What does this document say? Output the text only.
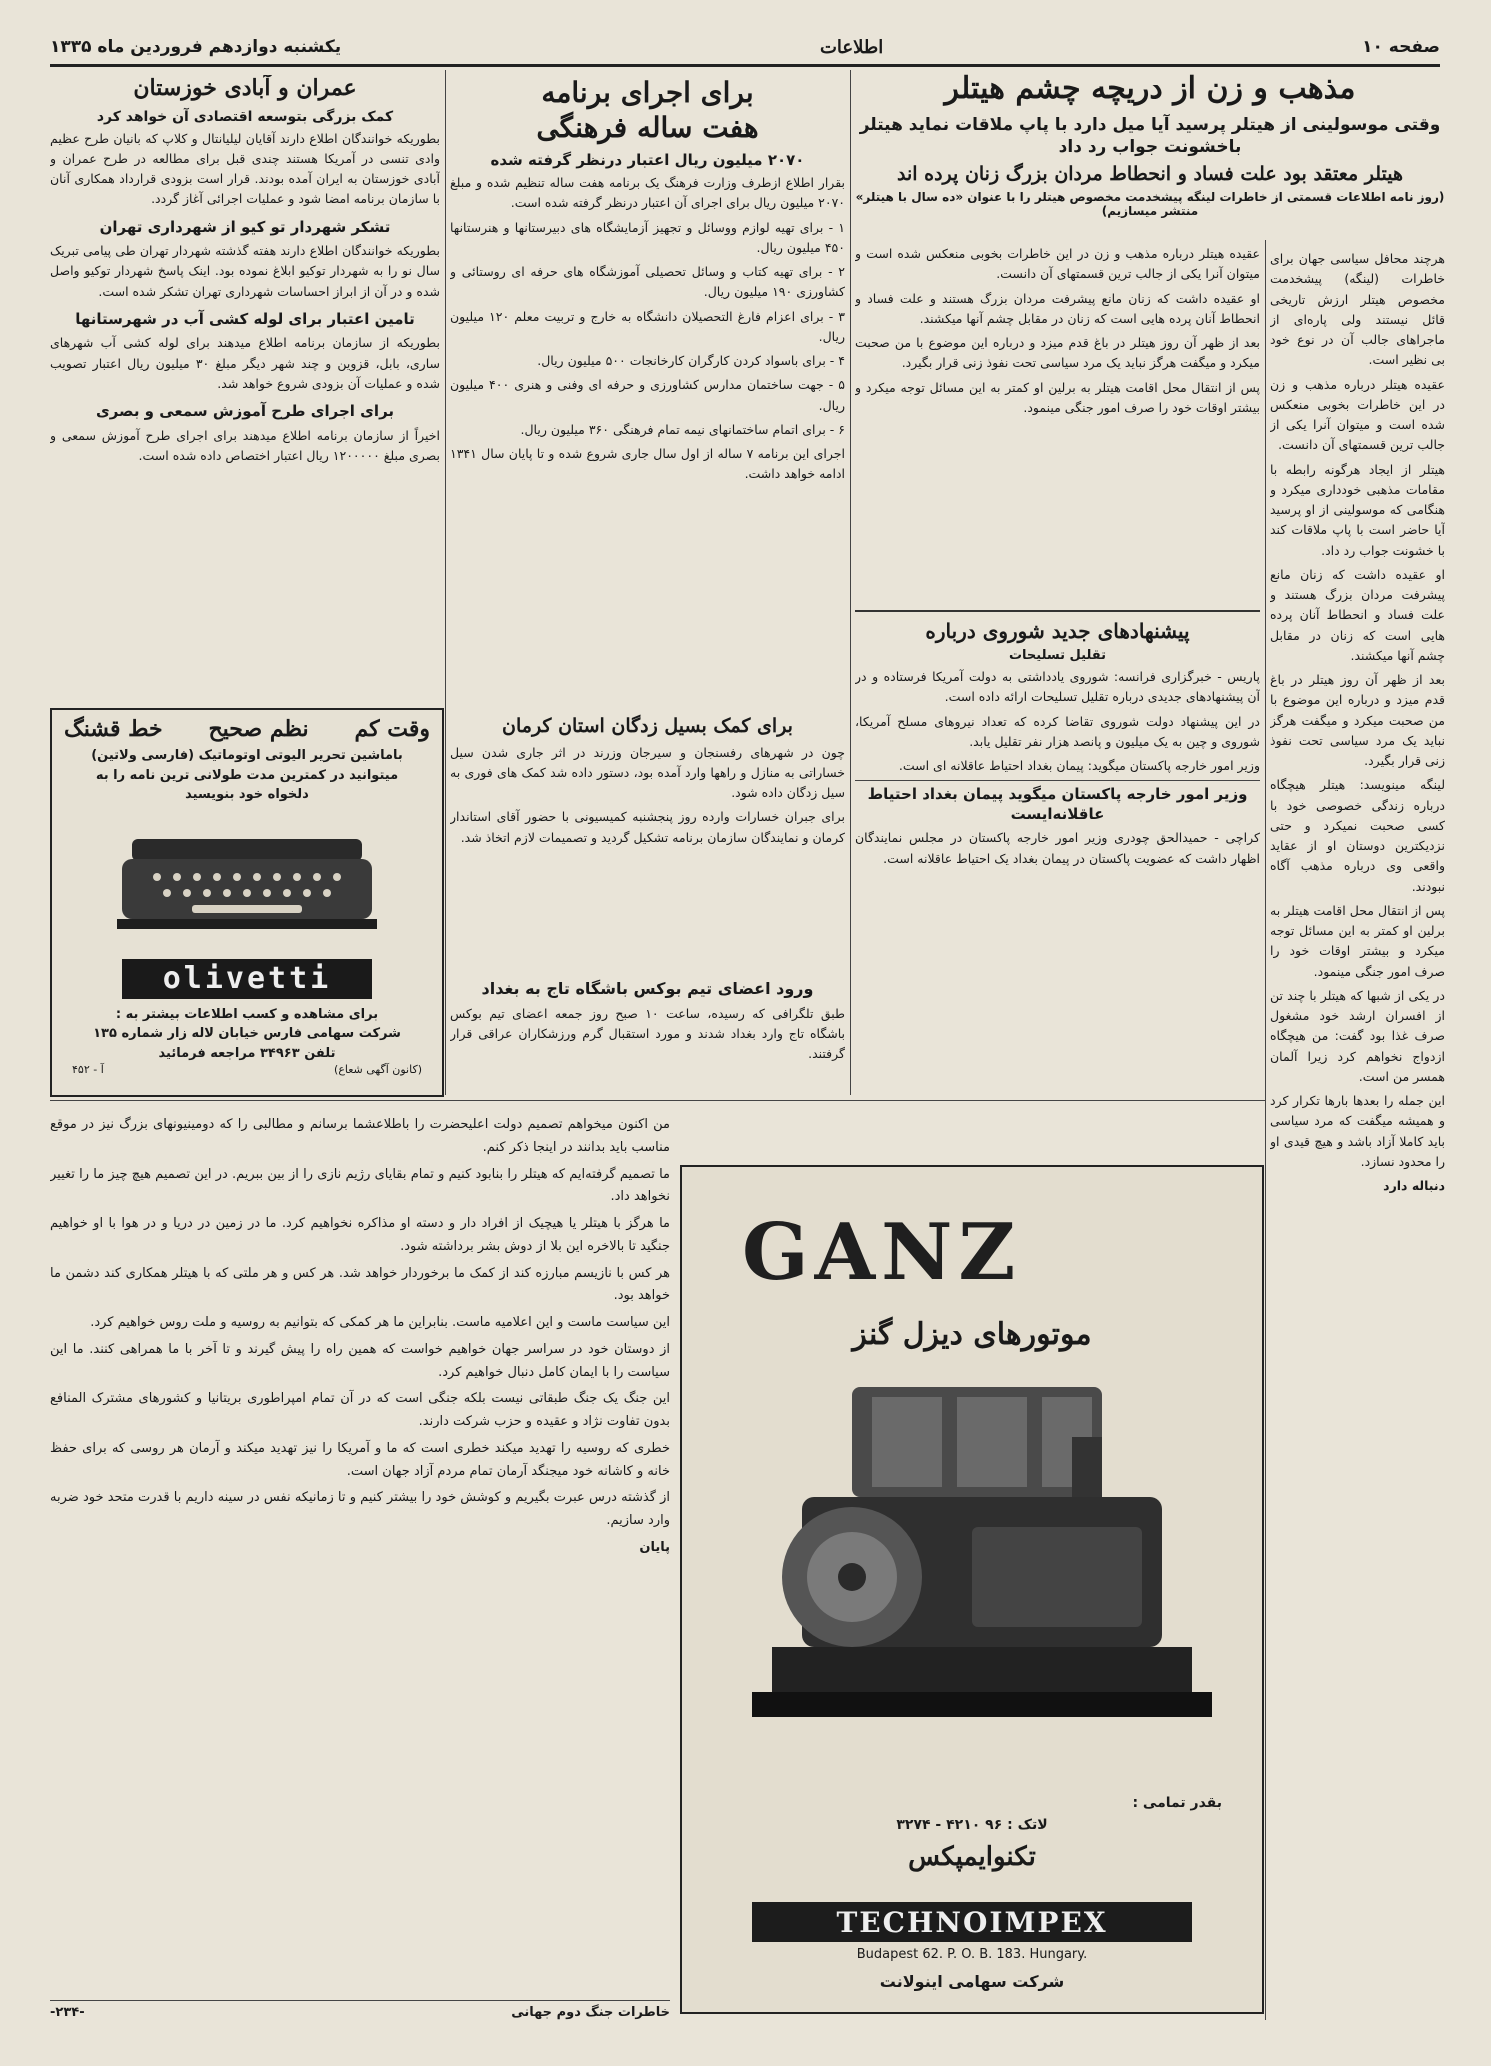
صفحه ۱۰
اطلاعات
یکشنبه دوازدهم فروردین ماه ۱۳۳۵
مذهب و زن از دریچه چشم هیتلر
وقتی موسولینی از هیتلر پرسید آیا میل دارد با پاپ ملاقات نماید هیتلر باخشونت جواب رد داد
هیتلر معتقد بود علت فساد و انحطاط مردان بزرگ زنان پرده اند
(روز نامه اطلاعات قسمتی از خاطرات لینگه پیشخدمت مخصوص هیتلر را با عنوان «ده سال با هیتلر» منتشر میسازیم)

هرچند محافل سیاسی جهان برای خاطرات (لینگه) پیشخدمت مخصوص هیتلر ارزش تاریخی قائل نیستند ولی پاره‌ای از ماجراهای جالب آن در نوع خود بی نظیر است.

عقیده هیتلر درباره مذهب و زن در این خاطرات بخوبی منعکس شده است و میتوان آنرا یکی از جالب ترین قسمتهای آن دانست.

هیتلر از ایجاد هرگونه رابطه با مقامات مذهبی خودداری میکرد و هنگامی که موسولینی از او پرسید آیا حاضر است با پاپ ملاقات کند با خشونت جواب رد داد.

او عقیده داشت که زنان مانع پیشرفت مردان بزرگ هستند و علت فساد و انحطاط آنان پرده هایی است که زنان در مقابل چشم آنها میکشند.

بعد از ظهر آن روز هیتلر در باغ قدم میزد و درباره این موضوع با من صحبت میکرد و میگفت هرگز نباید یک مرد سیاسی تحت نفوذ زنی قرار بگیرد.

لینگه مینویسد: هیتلر هیچگاه درباره زندگی خصوصی خود با کسی صحبت نمیکرد و حتی نزدیکترین دوستان او از عقاید واقعی وی درباره مذهب آگاه نبودند.

پس از انتقال محل اقامت هیتلر به برلین او کمتر به این مسائل توجه میکرد و بیشتر اوقات خود را صرف امور جنگی مینمود.

در یکی از شبها که هیتلر با چند تن از افسران ارشد خود مشغول صرف غذا بود گفت: من هیچگاه ازدواج نخواهم کرد زیرا آلمان همسر من است.

این جمله را بعدها بارها تکرار کرد و همیشه میگفت که مرد سیاسی باید کاملا آزاد باشد و هیچ قیدی او را محدود نسازد.

دنباله دارد

پیشنهادهای جدید شوروی درباره
تقلیل تسلیحات

پاریس - خبرگزاری فرانسه: شوروی یادداشتی به دولت آمریکا فرستاده و در آن پیشنهادهای جدیدی درباره تقلیل تسلیحات ارائه داده است.

در این پیشنهاد دولت شوروی تقاضا کرده که تعداد نیروهای مسلح آمریکا، شوروی و چین به یک میلیون و پانصد هزار نفر تقلیل یابد.

وزیر امور خارجه پاکستان میگوید: پیمان بغداد احتیاط عاقلانه ای است.

وزیر امور خارجه پاکستان میگوید پیمان بغداد احتیاط عاقلانه‌ایست
کراچی - حمیدالحق چودری وزیر امور خارجه پاکستان در مجلس نمایندگان اظهار داشت که عضویت پاکستان در پیمان بغداد یک احتیاط عاقلانه است.

عقیده هیتلر درباره مذهب و زن در این خاطرات بخوبی منعکس شده است و میتوان آنرا یکی از جالب ترین قسمتهای آن دانست.

او عقیده داشت که زنان مانع پیشرفت مردان بزرگ هستند و علت فساد و انحطاط آنان پرده هایی است که زنان در مقابل چشم آنها میکشند.

بعد از ظهر آن روز هیتلر در باغ قدم میزد و درباره این موضوع با من صحبت میکرد و میگفت هرگز نباید یک مرد سیاسی تحت نفوذ زنی قرار بگیرد.

پس از انتقال محل اقامت هیتلر به برلین او کمتر به این مسائل توجه میکرد و بیشتر اوقات خود را صرف امور جنگی مینمود.

برای اجرای برنامه
هفت ساله فرهنگی
۲۰۷۰ میلیون ریال اعتبار درنظر گرفته شده

بقرار اطلاع ازطرف وزارت فرهنگ یک برنامه هفت ساله تنظیم شده و مبلغ ۲۰۷۰ میلیون ریال برای اجرای آن اعتبار درنظر گرفته شده است.

۱ - برای تهیه لوازم ووسائل و تجهیز آزمایشگاه های دبیرستانها و هنرستانها ۴۵۰ میلیون ریال.

۲ - برای تهیه کتاب و وسائل تحصیلی آموزشگاه های حرفه ای روستائی و کشاورزی ۱۹۰ میلیون ریال.

۳ - برای اعزام فارغ التحصیلان دانشگاه به خارج و تربیت معلم ۱۲۰ میلیون ریال.

۴ - برای باسواد کردن کارگران کارخانجات ۵۰۰ میلیون ریال.

۵ - جهت ساختمان مدارس کشاورزی و حرفه ای وفنی و هنری ۴۰۰ میلیون ریال.

۶ - برای اتمام ساختمانهای نیمه تمام فرهنگی ۳۶۰ میلیون ریال.

اجرای این برنامه ۷ ساله از اول سال جاری شروع شده و تا پایان سال ۱۳۴۱ ادامه خواهد داشت.

برای کمک بسیل زدگان استان کرمان

چون در شهرهای رفسنجان و سیرجان وزرند در اثر جاری شدن سیل خساراتی به منازل و راهها وارد آمده بود، دستور داده شد کمک های فوری به سیل زدگان داده شود.

برای جبران خسارات وارده روز پنجشنبه کمیسیونی با حضور آقای استاندار کرمان و نمایندگان سازمان برنامه تشکیل گردید و تصمیمات لازم اتخاذ شد.

ورود اعضای تیم بوکس باشگاه تاج به بغداد
طبق تلگرافی که رسیده، ساعت ۱۰ صبح روز جمعه اعضای تیم بوکس باشگاه تاج وارد بغداد شدند و مورد استقبال گرم ورزشکاران عراقی قرار گرفتند.
عمران و آبادی خوزستان
کمک بزرگی بتوسعه اقتصادی آن خواهد کرد
بطوریکه خوانندگان اطلاع دارند آقایان لیلیانتال و کلاپ که بانیان طرح عظیم وادی تنسی در آمریکا هستند چندی قبل برای مطالعه در طرح عمران و آبادی خوزستان به ایران آمده بودند. قرار است بزودی قرارداد همکاری آنان با سازمان برنامه امضا شود و عملیات اجرائی آغاز گردد.
تشکر شهردار تو کیو از شهرداری تهران
بطوریکه خوانندگان اطلاع دارند هفته گذشته شهردار تهران طی پیامی تبریک سال نو را به شهردار توکیو ابلاغ نموده بود. اینک پاسخ شهردار توکیو واصل شده و در آن از ابراز احساسات شهرداری تهران تشکر شده است.
تامین اعتبار برای لوله کشی آب در شهرستانها
بطوریکه از سازمان برنامه اطلاع میدهند برای لوله کشی آب شهرهای ساری، بابل، قزوین و چند شهر دیگر مبلغ ۳۰ میلیون ریال اعتبار تصویب شده و عملیات آن بزودی شروع خواهد شد.
برای اجرای طرح آموزش سمعی و بصری
اخیراً از سازمان برنامه اطلاع میدهند برای اجرای طرح آموزش سمعی و بصری مبلغ ۱۲۰۰۰۰۰ ریال اعتبار اختصاص داده شده است.
وقت کم
نظم صحیح
خط قشنگ
باماشین تحریر الیوتی اوتوماتیک (فارسی ولاتین)
میتوانید در کمترین مدت طولانی ترین نامه را به
دلخواه خود بنویسید
olivetti
برای مشاهده و کسب اطلاعات بیشتر به :
شرکت سهامی فارس خیابان لاله زار شماره ۱۳۵
تلفن ۳۴۹۶۳ مراجعه فرمائید
(کانون آگهی شعاع)
آ - ۴۵۲
GANZ
موتورهای دیزل گنز
بقدر تمامی :
لاتک : ۹۶ ۴۲۱۰ - ۳۲۷۴
تکنوایمپکس
TECHNOIMPEX
Budapest 62. P. O. B. 183. Hungary.
شرکت سهامی اینولانت

من اکنون میخواهم تصمیم دولت اعلیحضرت را باطلاعشما برسانم و مطالبی را که دومینیونهای بزرگ نیز در موقع مناسب باید بدانند در اینجا ذکر کنم.

ما تصمیم گرفته‌ایم که هیتلر را بنابود کنیم و تمام بقایای رژیم نازی را از بین ببریم. در این تصمیم هیچ چیز ما را تغییر نخواهد داد.

ما هرگز با هیتلر یا هیچیک از افراد دار و دسته او مذاکره نخواهیم کرد. ما در زمین در دریا و در هوا با او خواهیم جنگید تا بالاخره این بلا از دوش بشر برداشته شود.

هر کس با نازیسم مبارزه کند از کمک ما برخوردار خواهد شد. هر کس و هر ملتی که با هیتلر همکاری کند دشمن ما خواهد بود.

این سیاست ماست و این اعلامیه ماست. بنابراین ما هر کمکی که بتوانیم به روسیه و ملت روس خواهیم کرد.

از دوستان خود در سراسر جهان خواهیم خواست که همین راه را پیش گیرند و تا آخر با ما همراهی کنند. ما این سیاست را با ایمان کامل دنبال خواهیم کرد.

این جنگ یک جنگ طبقاتی نیست بلکه جنگی است که در آن تمام امپراطوری بریتانیا و کشورهای مشترک المنافع بدون تفاوت نژاد و عقیده و حزب شرکت دارند.

خطری که روسیه را تهدید میکند خطری است که ما و آمریکا را نیز تهدید میکند و آرمان هر روسی که برای حفظ خانه و کاشانه خود میجنگد آرمان تمام مردم آزاد جهان است.

از گذشته درس عبرت بگیریم و کوشش خود را بیشتر کنیم و تا زمانیکه نفس در سینه داریم با قدرت متحد خود ضربه وارد سازیم.

پایان

خاطرات جنگ دوم جهانی
-۲۳۴-
